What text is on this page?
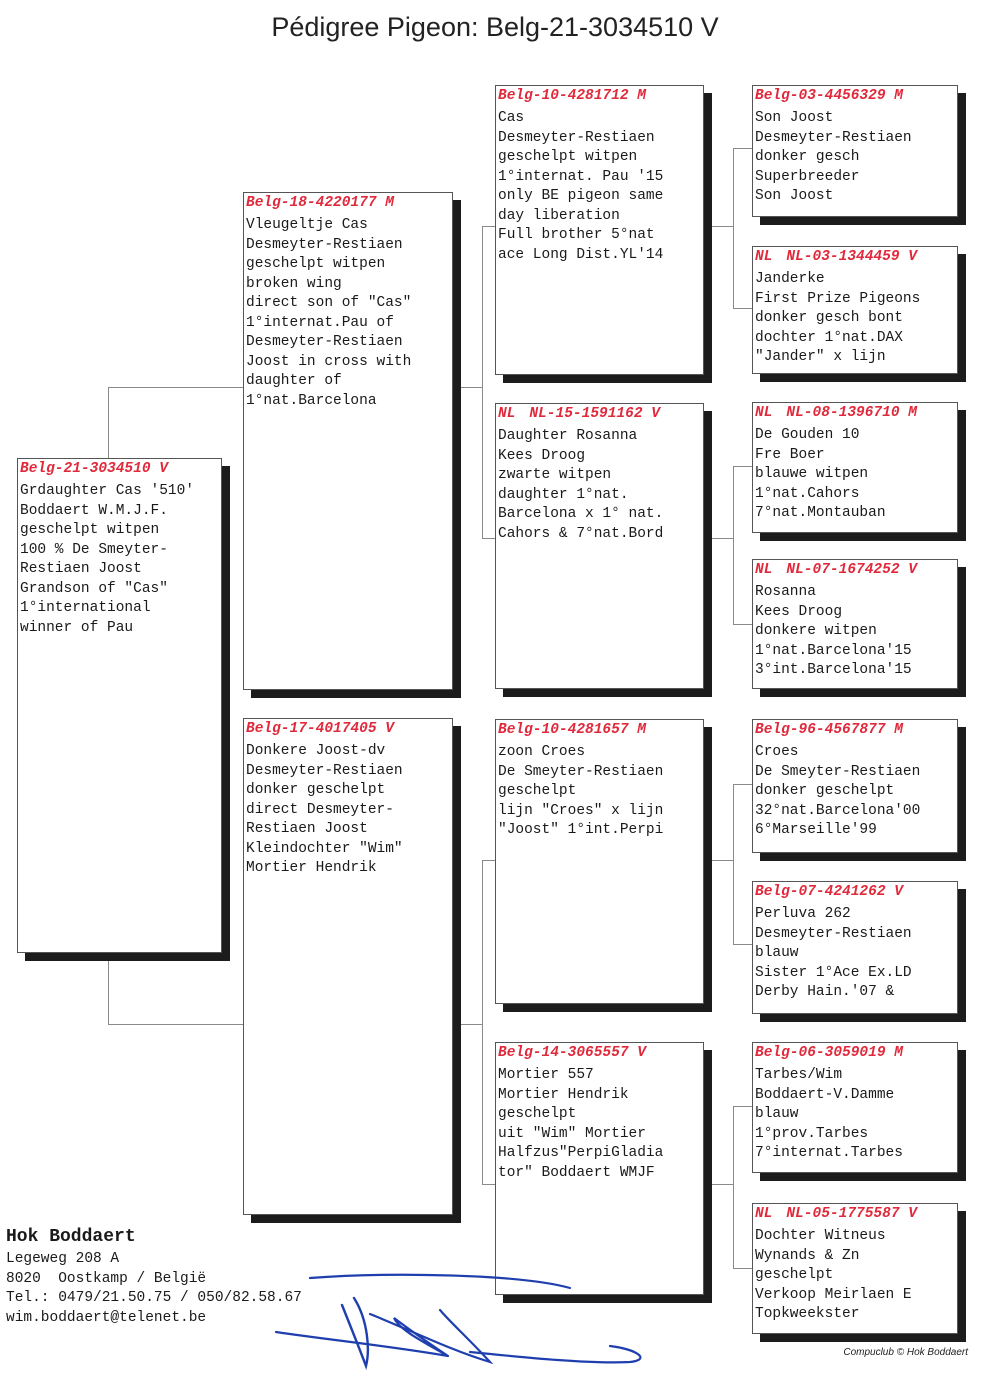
Pédigree Pigeon: Belg-21-3034510 V
Belg-21-3034510 V
Grdaughter Cas '510'
Boddaert W.M.J.F.
geschelpt witpen
100 % De Smeyter-
Restiaen Joost
Grandson of "Cas"
1°international
winner of Pau
Belg-18-4220177 M
Vleugeltje Cas
Desmeyter-Restiaen
geschelpt witpen
broken wing
direct son of "Cas"
1°internat.Pau of
Desmeyter-Restiaen
Joost in cross with
daughter of
1°nat.Barcelona
Belg-17-4017405 V
Donkere Joost-dv
Desmeyter-Restiaen
donker geschelpt
direct Desmeyter-
Restiaen Joost
Kleindochter "Wim"
Mortier Hendrik
Belg-10-4281712 M
Cas
Desmeyter-Restiaen
geschelpt witpen
1°internat. Pau '15
only BE pigeon same
day liberation
Full brother 5°nat
ace Long Dist.YL'14
NL NL-15-1591162 V
Daughter Rosanna
Kees Droog
zwarte witpen
daughter 1°nat.
Barcelona x 1° nat.
Cahors & 7°nat.Bord
Belg-10-4281657 M
zoon Croes
De Smeyter-Restiaen
geschelpt
lijn "Croes" x lijn
"Joost" 1°int.Perpi
Belg-14-3065557 V
Mortier 557
Mortier Hendrik
geschelpt
uit "Wim" Mortier
Halfzus"PerpiGladia
tor" Boddaert WMJF
Belg-03-4456329 M
Son Joost
Desmeyter-Restiaen
donker gesch
Superbreeder
Son Joost
NL NL-03-1344459 V
Janderke
First Prize Pigeons
donker gesch bont
dochter 1°nat.DAX
"Jander" x lijn
NL NL-08-1396710 M
De Gouden 10
Fre Boer
blauwe witpen
1°nat.Cahors
7°nat.Montauban
NL NL-07-1674252 V
Rosanna
Kees Droog
donkere witpen
1°nat.Barcelona'15
3°int.Barcelona'15
Belg-96-4567877 M
Croes
De Smeyter-Restiaen
donker geschelpt
32°nat.Barcelona'00
6°Marseille'99
Belg-07-4241262 V
Perluva 262
Desmeyter-Restiaen
blauw
Sister 1°Ace Ex.LD
Derby Hain.'07 &
Belg-06-3059019 M
Tarbes/Wim
Boddaert-V.Damme
blauw
1°prov.Tarbes
7°internat.Tarbes
NL NL-05-1775587 V
Dochter Witneus
Wynands & Zn
geschelpt
Verkoop Meirlaen E
Topkweekster
Hok Boddaert
Legeweg 208 A
8020  Oostkamp / België
Tel.: 0479/21.50.75 / 050/82.58.67
wim.boddaert@telenet.be
Compuclub © Hok Boddaert
